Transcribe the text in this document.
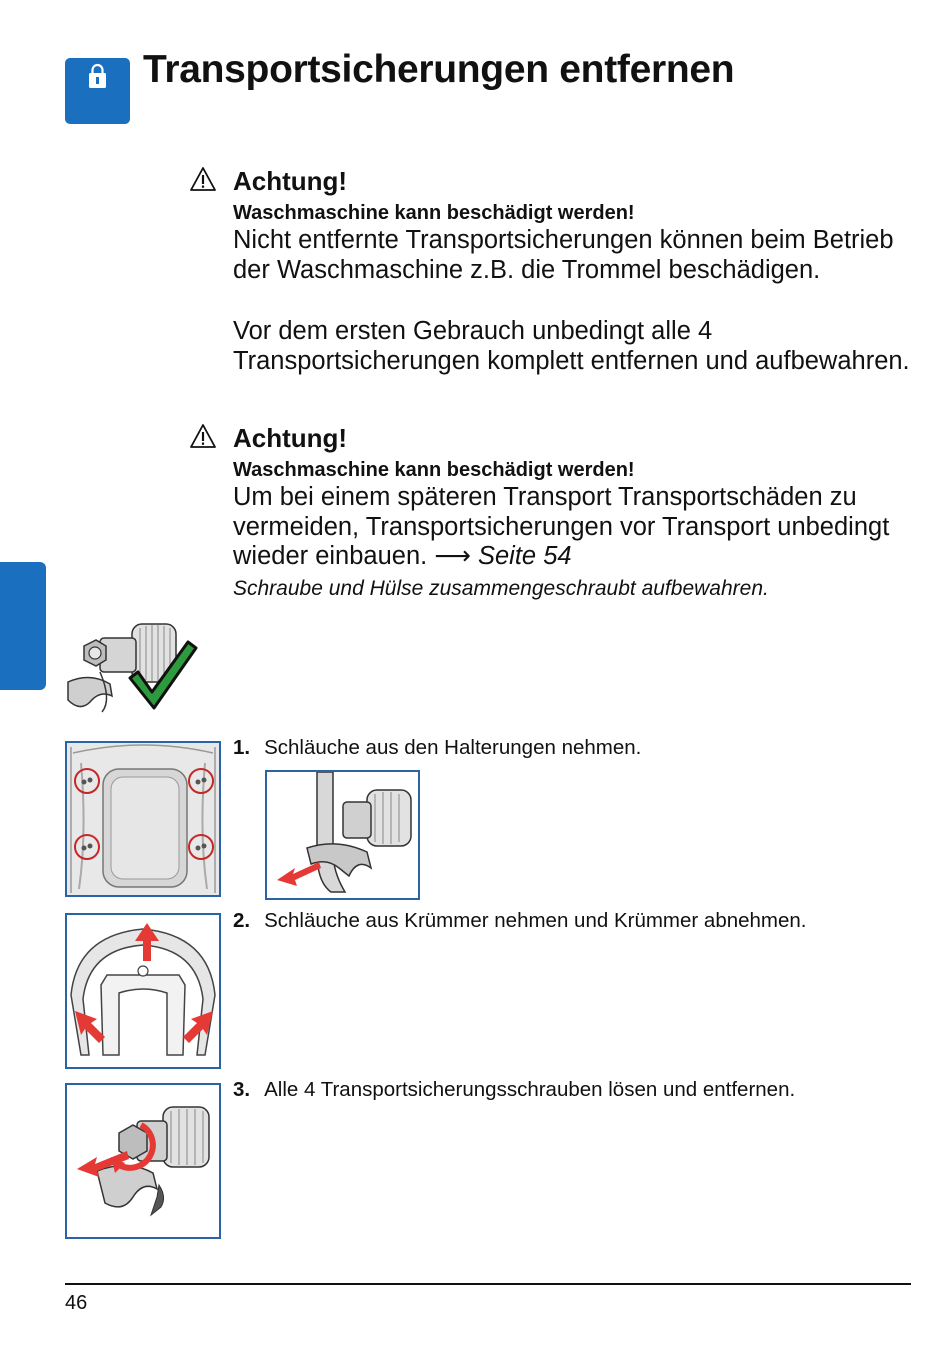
Transportsicherungen entfernen
Achtung!
Waschmaschine kann beschädigt werden!
Nicht entfernte Transportsicherungen können beim Betrieb der Waschmaschine z.B. die Trommel beschädigen.
Vor dem ersten Gebrauch unbedingt alle 4 Transportsicherungen komplett entfernen und aufbewahren.
Achtung!
Waschmaschine kann beschädigt werden!
Um bei einem späteren Transport Transportschäden zu vermeiden, Transportsicherungen vor Transport unbedingt wieder einbauen. ⟶ Seite 54
Schraube und Hülse zusammengeschraubt aufbewahren.
1. Schläuche aus den Halterungen nehmen.
2. Schläuche aus Krümmer nehmen und Krümmer abnehmen.
3. Alle 4 Transportsicherungsschrauben lösen und entfernen.
46
